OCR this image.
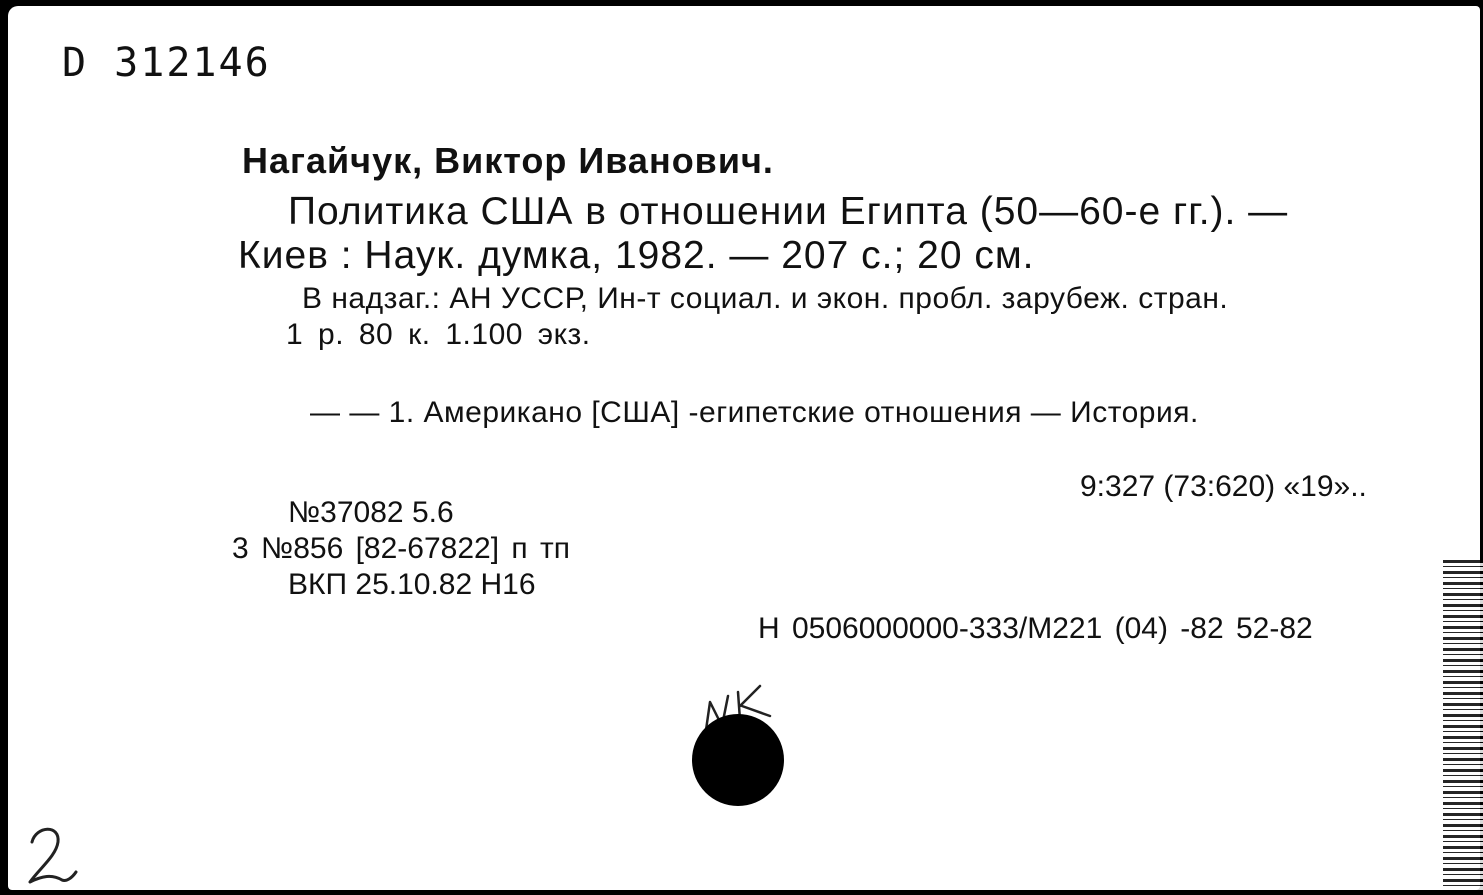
D 312146
Нагайчук, Виктор Иванович.
Политика США в отношении Египта (50—60-е гг.). —
Киев : Наук. думка, 1982. — 207 с.; 20 см.
В надзаг.: АН УССР, Ин-т социал. и экон. пробл. зарубеж. стран.
1 р. 80 к. 1.100 экз.
— — 1. Американо [США] -египетские отношения — История.
9:327 (73:620) «19»..
№37082 5.6
3 №856 [82-67822] п тп
ВКП 25.10.82 Н16
Н 0506000000-333/М221 (04) -82 52-82
